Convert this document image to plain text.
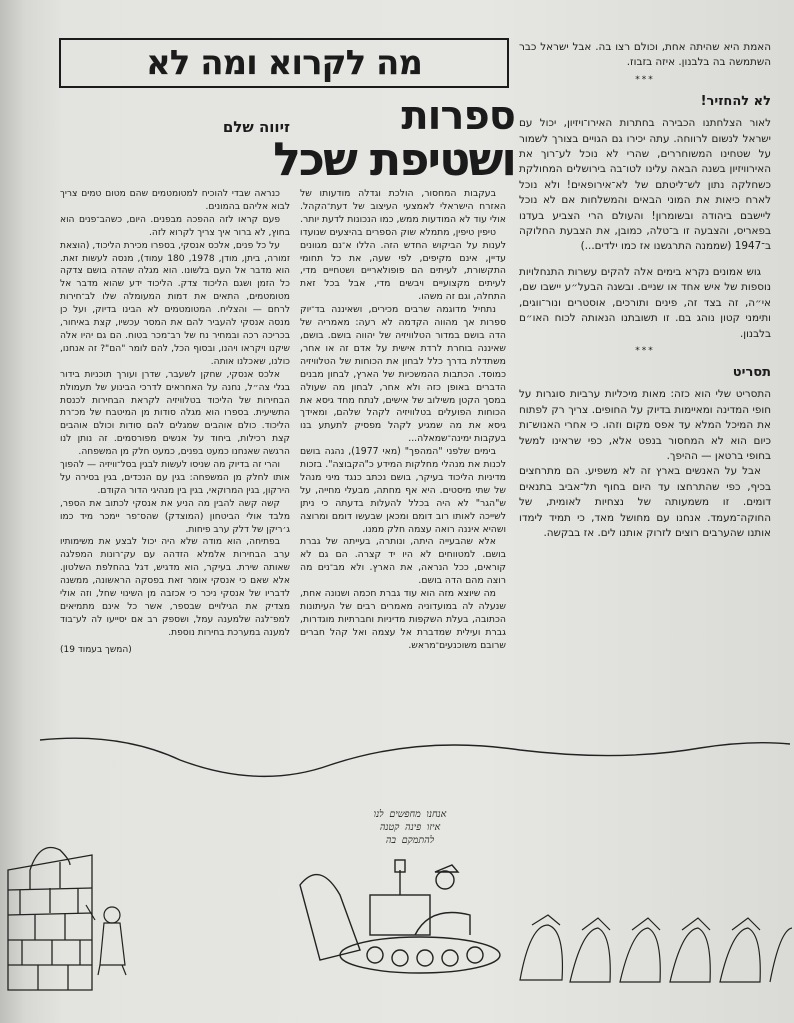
מה לקרוא ומה לא
ספרות
ושטיפת שכל
זיווה שלם

האמת היא שהיתה אחת, וכולם רצו בה. אבל ישראל כבר השתמשה בה בלבנון. איזה בזבוז.

***
לא להחזיר!

לאור הצלחתנו הכבירה בחתרות האירו־ויזיון, יכול עם ישראל לנשום לרווחה. עתה יכירו גם הגויים בצורך לשמור על שטחינו המשוחררים, שהרי לא נוכל לע־רוך את האירוויזיון בשנה הבאה עלינו לטו־בה בירושלים המחולקת כשחלקה נתון לש־ליטתם של לא־אירופאים! ולא נוכל לארח כיאות את המוני הבאים והמשלחות אם לא נוכל ליישבם ביהודה ובשומרון! והעולם הרי הצביע בעדנו בפאריס, והצבעה זו ב־טלה, כמובן, את הצבעת החלוקה ב־1947 (שממנה התרגשנו אז כמו ילדים...)

גוש אמונים נקרא בימים אלה להקים עשרות התנחלויות נוספות של איש אחד או שניים. ובשנה הבעל״ע יישבו שם, אי״ה, זה בצד זה, פינים ותורכים, אוסטרים ונור־ווגים, ותימני קטון נוהג בם. זו תשובתנו הנאותה לכוח האו״ם בלבנון.

***
תסריט

התסריט שלי הוא כזה: מאות מיכליות ערביות סוגרות על חופי המדינה ומאיימות בדיוק על החופים. צריך רק לפתוח את המיכל המלא עד אפס מקום וזהו. כי אחרי האנוש־ות כיום הוא לא המחסור בנפט אלא, כפי שראינו למשל בחופי ברטאן — ההיפך.

אבל על האנשים בארץ זה לא משפיע. הם מתרחצים בכיף, כפי שהתרחצו עד היום בחוף תל־אביב בתנאים דומים. זו משמעותה של נצחיות לאומית, של החוקה־מעמד. אנחנו עם מחושל מאד, כי תמיד לימדו אותנו שהערבים רוצים לזרוק אותנו לים. אז בבקשה.

בעקבות המחסור, הולכת וגדלה מודעותו של האזרח הישראלי לאמצעי העיצוב של דעת־הקהל. אולי עוד לא המודעות ממש, כמו הנכונות לדעת יותר.

טיפין טיפין, מתמלא שוק הספרים בהיצעים שנועדו לענות על הביקוש החדש הזה. הללו א־נם מגוונים עדיין, אינם מקיפים, לפי שעה, את כל תחומי התקשורת, לעיתים הם פופולאריים ושטחיים מדי, לעיתים מקצועיים ויבשים מדי, אבל בכל זאת התחלה, וגם זה משהו.

נתחיל מדוגמה שרבים מכירים, ושאיננה בד־יוק ספרות אך מהווה הקדמה לא רעה: מאמריה של הדה בושם במדור הטלוויזיה של יהווה בושם. בושם, שאיננה בוחרת לרדת אישית על אדם זה או אחר, משתדלת בדרך כלל לבחון את הכוחות של הטלוויזיה כמוסד. הכתבות ההמשכיות של הארץ, לבחון מבנים הדברים באופן כזה ולא אחר, לבחון מה שעולה במסך הקטן משילוב של אישים, לנתח מחד גיסא את הכוחות הפועלים בטלוויזיה לקהל שלהם, ומאידך גיסא את מה שמגיע לקהל מפסיק לתעתע בנו בעקבות ימינה־שמאלה...

בימים שלפני "המהפך" (מאי 1977), נהגה בושם לכנות את מנהלי מחלקות המידע כ"הקבוצה". בזכות מדיניות הליכוד בעיקר, בושם נכתב כנגד מיני מנהל של שתי מיסטים. היא אף מחתה, מבעלי מחייה, על ש"הגר" לא היה בכלל להעלות בדעתה כי ניתן לשייכה לאותו רוב דומם ומכאן שבעשו דומם ומרוצה ושהיא איננה רואה עצמה חלק ממנו.

אלא שהבעייה היתה, ונותרה, בעייתה של גברת בושם. למטווחים לא היו יד קצרה. הם גם לא קוראים, ככל הנראה, את הארץ. ולא מב־נים מה רוצה מהם הדה בושם.

מה שיוצא מזה הוא עוד גברת חכמה ושנונה אחת, שנעלה לה במועדוניה מאמרים רבים של העיתונות הכתובה, בעלת השקפות מדיניות וחברתיות מוגדרות, גברת ועילית שמדברת אל עצמה ואל קהל חברים שרובם משוכנעים־מראש.

כנראה שבדי להוכיח למטומטמים שהם מטום טמים צריך לבוא אליהם בהמונים.

פעם קראו לזה ההפכה מבפנים. היום, כשהב־פנים הוא בחוץ, לא ברור איך צריך לקרוא לזה.

על כל פנים, אלכס אנסקי, בספרו מכירת הליכוד, (הוצאת זמורה, ביתן, מודן, 1978, 180 עמוד), מנסה לעשות זאת. הוא מדבר אל העם בלשונו. הוא מגלה שהדה בושם צדקה כל הזמן ושגם הליכוד צדק. הליכוד ידע שהוא מדבר אל מטומטמים, התאים את דמות המעומלה שלו לב־חירות לרחם — והצליח. המטומטמים לא הבינו בדיוק, ועל כן מנסה אנסקי להעביר להם את המסר עכשיו, קצת באיחור, בכריכה רכה ובמחיר נח של רב־מכר בטוח. הם גם יהיו אלה שיקנו ויקראו ויהנו, ובסוף הכל, להם לומר "הם"? זה אנחנו, כולנו, שאכלנו אותה.

אלכס אנסקי, שחקן לשעבר, שדרן ועורך תוכניות בידור בגלי צה״ל, נחנה על האחראים לדרכי הבינוע של תעמולת הבחירות של הליכוד בטלוויזיה לקראת הבחירות לכנסת התשיעית. בספרו הוא מגלה סודות מן המיטבח של מכ־רת הליכוד. כולם אוהבים שמגלים להם סודות וכולם אוהבים קצת רכילות, ביחוד על אנשים מפורסמים. זה נותן לנו הרגשה שאנחנו כמעט בפנים, כמעט חלק מן המשפחה.

והרי זה בדיוק מה שניסו לעשות לבגין בסל־וויזיה — להפוך אותו לחלק מן המשפחה: בגין עם הנכדים, בגין בסירה על הירקון, בגין המרוקאי, בגין בין מנהיגי הדור הקודם.

קשה קשה להבין מה הניע את אנסקי לכתוב את הספר, מלבד אולי הביטחון (המוצדק) שהס־פר יימכר מיד כמו ג׳ריקן של דלק ערב פיחות.

בפתיחה, הוא מודה שלא היה יכול לבצע את משימותיו ערב הבחירות אלמלא הזדהה עם עק־רונות המפלגה שאותה שירת. בעיקר, הוא מדגיש, דגל בהחלפת השלטון. אלא שאם כי אנסקי אומר זאת בפסקה הראשונה, ממשנה לדבריו של אנסקי ניכר כי אכזבה מן השינוי שחל, וזה אולי מצדיק את הגילויים שבספר, אשר כל אינם מתמיאים למפ־לגה שלמענה עמל, ושספק רב אם יסייעו לה לע־בוד למענה במערכת בחירות נוספת.

(המשך בעמוד 19)
אנחנו מחפשים לנו
איזו פינה קטנה
להתמקם בה
